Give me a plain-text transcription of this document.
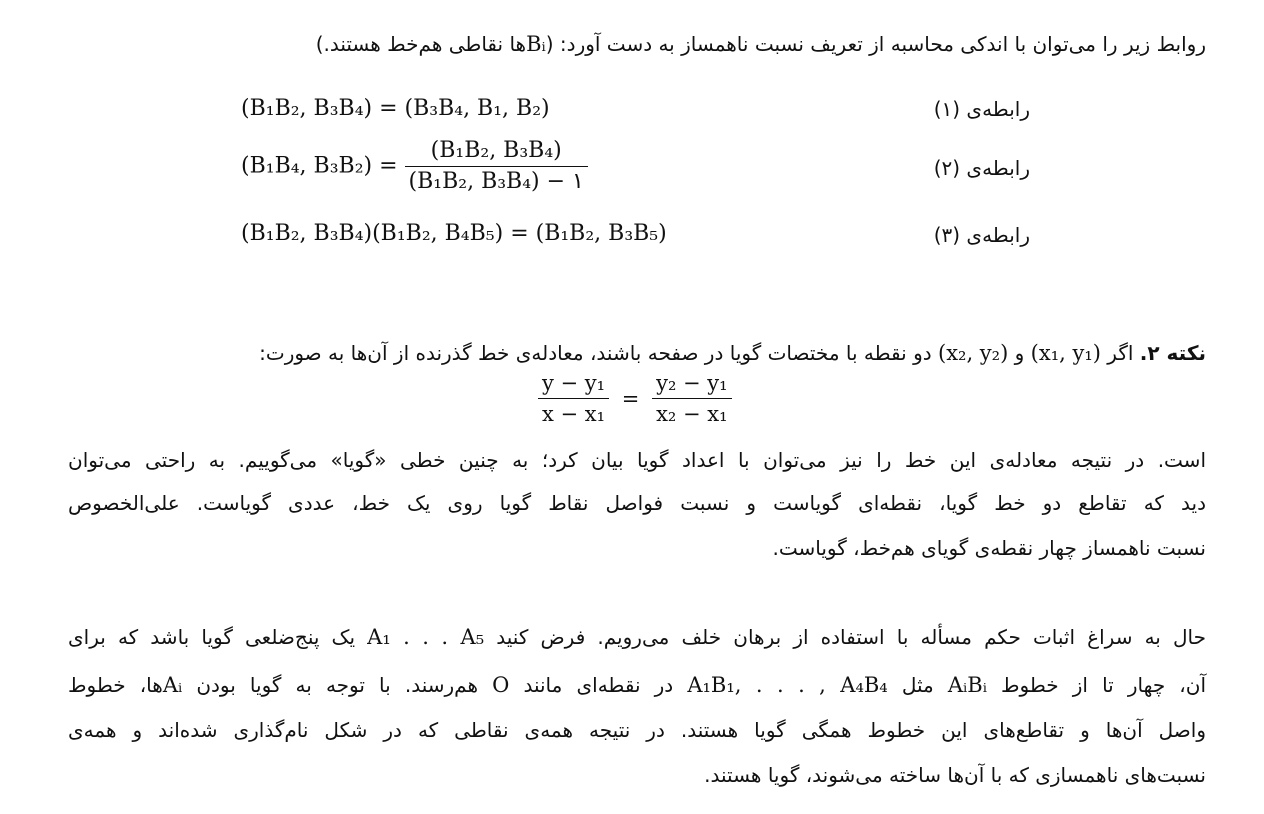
روابط زیر را می‌توان با اندکی محاسبه از تعریف نسبت ناهمساز به دست آورد: (Bᵢها نقاطی هم‌خط هستند.)

(B₁B₂, B₃B₄) = (B₃B₄, B₁, B₂)	رابطه‌ی (۱)
(B₁B₄, $B_3B_2) = \frac{\text{(B₁B₂, B₃B₄)}}{\text{(B₁B₂, B₃B₄) − ۱}}$	رابطه‌ی (۲)
(B₁B₂, B₃B₄)(B₁B₂, B₄B₅) = (B₁B₂, B₃B₅)	رابطه‌ی (۳)

نکته ۲. اگر (x₁, y₁) و (x₂, y₂) دو نقطه با مختصات گویا در صفحه باشند، معادله‌ی خط گذرنده از آن‌ها به صورت:

$\frac{\text{y − y₁}}{\text{x − x₁}} = \frac{\text{y₂ − y₁}}{\text{x₂ − x₁}}$

است. در نتیجه معادله‌ی این خط را نیز می‌توان با اعداد گویا بیان کرد؛ به چنین خطی «گویا» می‌گوییم. به راحتی می‌توان

دید که تقاطع دو خط گویا، نقطه‌ای گویاست و نسبت فواصل نقاط گویا روی یک خط، عددی گویاست. علی‌الخصوص

نسبت ناهمساز چهار نقطه‌ی گویای هم‌خط، گویاست.

حال به سراغ اثبات حکم مسأله با استفاده از برهان خلف می‌رویم. فرض کنید A₁ . . . A₅ یک پنج‌ضلعی گویا باشد که برای

آن، چهار تا از خطوط AᵢBᵢ مثل A₁B₁, . . . , A₄B₄ در نقطه‌ای مانند O هم‌رسند. با توجه به گویا بودن Aᵢها، خطوط

واصل آن‌ها و تقاطع‌های این خطوط همگی گویا هستند. در نتیجه همه‌ی نقاطی که در شکل نام‌گذاری شده‌اند و همه‌ی

نسبت‌های ناهمسازی که با آن‌ها ساخته می‌شوند، گویا هستند.
